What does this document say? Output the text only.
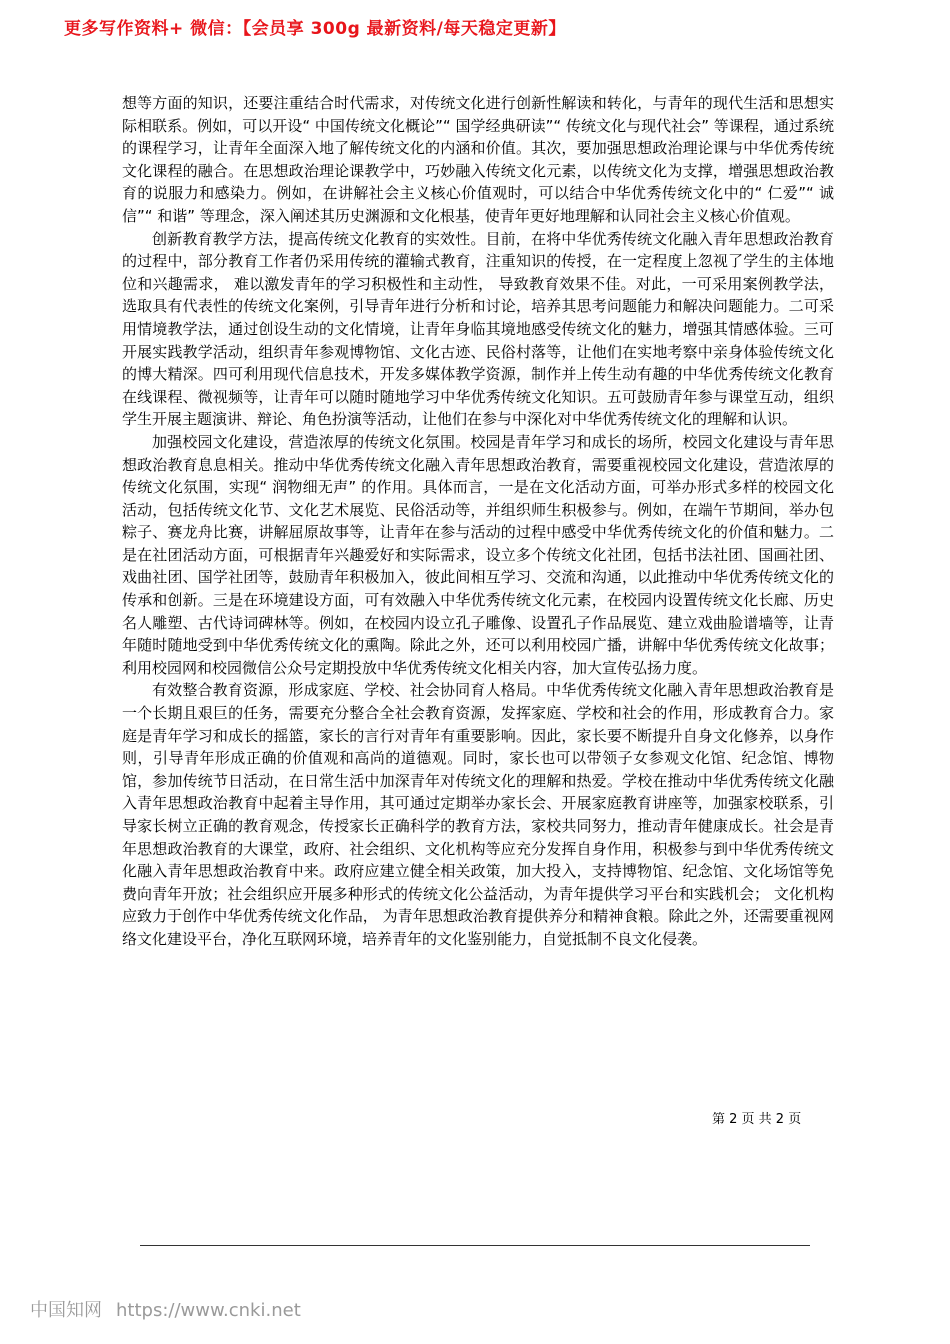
更多写作资料+ 微信：【会员享 300g 最新资料/每天稳定更新】

想等方面的知识，还要注重结合时代需求，对传统文化进行创新性解读和转化，与青年的现代生活和思想实际相联系。例如，可以开设“ 中国传统文化概论”“ 国学经典研读”“ 传统文化与现代社会” 等课程，通过系统的课程学习，让青年全面深入地了解传统文化的内涵和价值。其次，要加强思想政治理论课与中华优秀传统文化课程的融合。在思想政治理论课教学中，巧妙融入传统文化元素，以传统文化为支撑，增强思想政治教育的说服力和感染力。例如，在讲解社会主义核心价值观时，可以结合中华优秀传统文化中的“ 仁爱”“ 诚信”“ 和谐” 等理念，深入阐述其历史渊源和文化根基，使青年更好地理解和认同社会主义核心价值观。

创新教育教学方法，提高传统文化教育的实效性。目前，在将中华优秀传统文化融入青年思想政治教育的过程中，部分教育工作者仍采用传统的灌输式教育，注重知识的传授，在一定程度上忽视了学生的主体地位和兴趣需求， 难以激发青年的学习积极性和主动性， 导致教育效果不佳。对此，一可采用案例教学法，选取具有代表性的传统文化案例，引导青年进行分析和讨论，培养其思考问题能力和解决问题能力。二可采用情境教学法，通过创设生动的文化情境，让青年身临其境地感受传统文化的魅力，增强其情感体验。三可开展实践教学活动，组织青年参观博物馆、文化古迹、民俗村落等，让他们在实地考察中亲身体验传统文化的博大精深。四可利用现代信息技术，开发多媒体教学资源，制作并上传生动有趣的中华优秀传统文化教育在线课程、微视频等，让青年可以随时随地学习中华优秀传统文化知识。五可鼓励青年参与课堂互动，组织学生开展主题演讲、辩论、角色扮演等活动，让他们在参与中深化对中华优秀传统文化的理解和认识。

加强校园文化建设，营造浓厚的传统文化氛围。校园是青年学习和成长的场所，校园文化建设与青年思想政治教育息息相关。推动中华优秀传统文化融入青年思想政治教育，需要重视校园文化建设，营造浓厚的传统文化氛围，实现“ 润物细无声” 的作用。具体而言，一是在文化活动方面，可举办形式多样的校园文化活动，包括传统文化节、文化艺术展览、民俗活动等，并组织师生积极参与。例如，在端午节期间，举办包粽子、赛龙舟比赛，讲解屈原故事等，让青年在参与活动的过程中感受中华优秀传统文化的价值和魅力。二是在社团活动方面，可根据青年兴趣爱好和实际需求，设立多个传统文化社团，包括书法社团、国画社团、戏曲社团、国学社团等，鼓励青年积极加入，彼此间相互学习、交流和沟通，以此推动中华优秀传统文化的传承和创新。三是在环境建设方面，可有效融入中华优秀传统文化元素，在校园内设置传统文化长廊、历史名人雕塑、古代诗词碑林等。例如，在校园内设立孔子雕像、设置孔子作品展览、建立戏曲脸谱墙等，让青年随时随地受到中华优秀传统文化的熏陶。除此之外，还可以利用校园广播，讲解中华优秀传统文化故事；利用校园网和校园微信公众号定期投放中华优秀传统文化相关内容，加大宣传弘扬力度。

有效整合教育资源，形成家庭、学校、社会协同育人格局。中华优秀传统文化融入青年思想政治教育是一个长期且艰巨的任务，需要充分整合全社会教育资源，发挥家庭、学校和社会的作用，形成教育合力。家庭是青年学习和成长的摇篮，家长的言行对青年有重要影响。因此，家长要不断提升自身文化修养，以身作则，引导青年形成正确的价值观和高尚的道德观。同时，家长也可以带领子女参观文化馆、纪念馆、博物馆，参加传统节日活动，在日常生活中加深青年对传统文化的理解和热爱。学校在推动中华优秀传统文化融入青年思想政治教育中起着主导作用，其可通过定期举办家长会、开展家庭教育讲座等，加强家校联系，引导家长树立正确的教育观念，传授家长正确科学的教育方法，家校共同努力，推动青年健康成长。社会是青年思想政治教育的大课堂，政府、社会组织、文化机构等应充分发挥自身作用，积极参与到中华优秀传统文化融入青年思想政治教育中来。政府应建立健全相关政策，加大投入，支持博物馆、纪念馆、文化场馆等免费向青年开放；社会组织应开展多种形式的传统文化公益活动，为青年提供学习平台和实践机会； 文化机构应致力于创作中华优秀传统文化作品， 为青年思想政治教育提供养分和精神食粮。除此之外，还需要重视网络文化建设平台，净化互联网环境，培养青年的文化鉴别能力，自觉抵制不良文化侵袭。

第 2 页 共 2 页
中国知网 https://www.cnki.net
